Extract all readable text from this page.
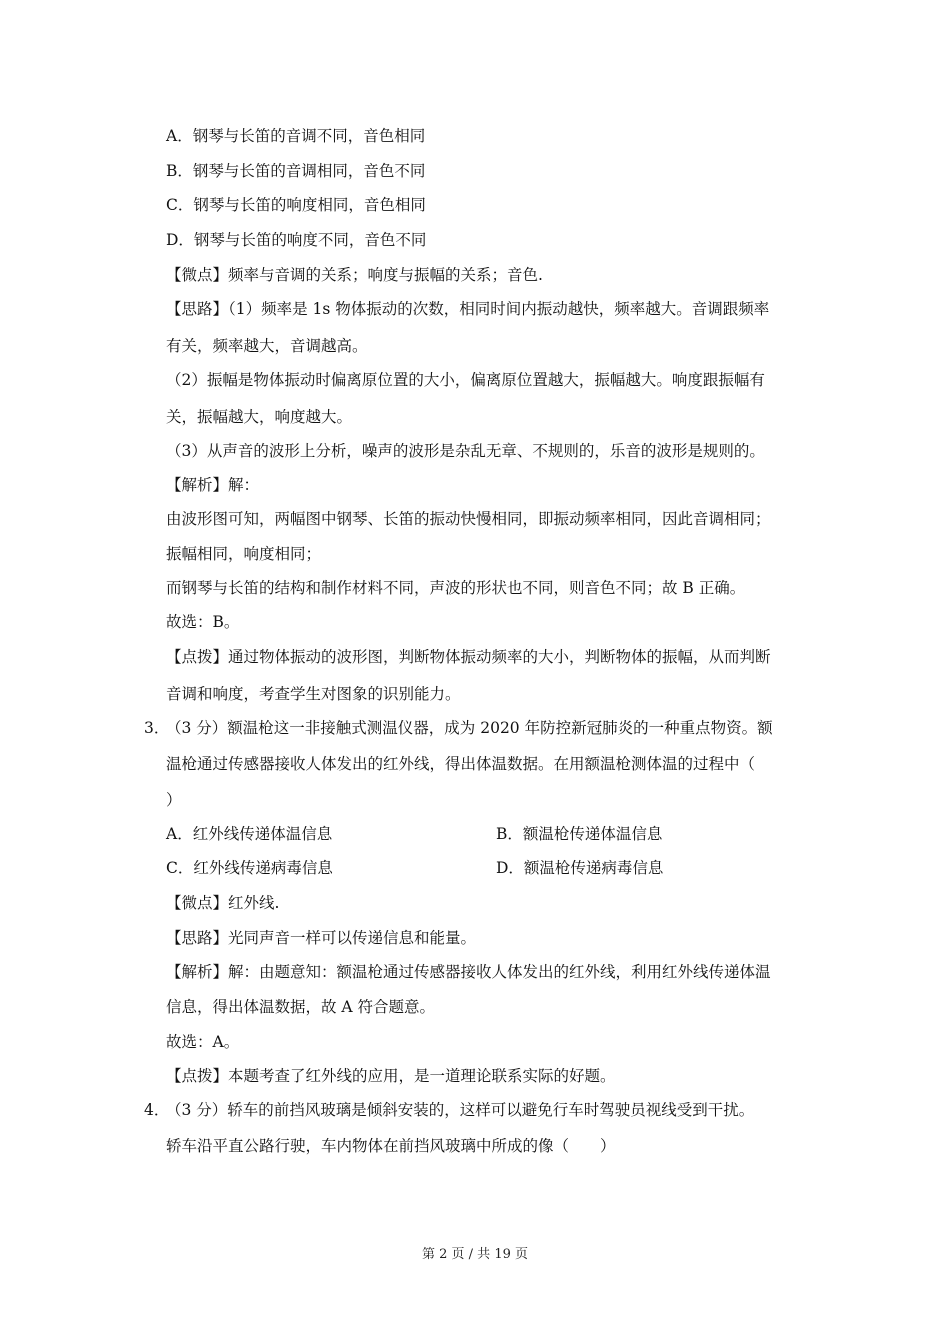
A．钢琴与长笛的音调不同，音色相同
B．钢琴与长笛的音调相同，音色不同
C．钢琴与长笛的响度相同，音色相同
D．钢琴与长笛的响度不同，音色不同
【微点】频率与音调的关系；响度与振幅的关系；音色.
【思路】（1）频率是 1s 物体振动的次数，相同时间内振动越快，频率越大。音调跟频率
有关，频率越大，音调越高。
（2）振幅是物体振动时偏离原位置的大小，偏离原位置越大，振幅越大。响度跟振幅有
关，振幅越大，响度越大。
（3）从声音的波形上分析，噪声的波形是杂乱无章、不规则的，乐音的波形是规则的。
【解析】解：
由波形图可知，两幅图中钢琴、长笛的振动快慢相同，即振动频率相同，因此音调相同；
振幅相同，响度相同；
而钢琴与长笛的结构和制作材料不同，声波的形状也不同，则音色不同；故 B 正确。
故选：B。
【点拨】通过物体振动的波形图，判断物体振动频率的大小，判断物体的振幅，从而判断
音调和响度，考查学生对图象的识别能力。
3．
（3 分）额温枪这一非接触式测温仪器，成为 2020 年防控新冠肺炎的一种重点物资。额
温枪通过传感器接收人体发出的红外线，得出体温数据。在用额温枪测体温的过程中（
）
A．红外线传递体温信息	B．额温枪传递体温信息
C．红外线传递病毒信息	D．额温枪传递病毒信息
【微点】红外线.
【思路】光同声音一样可以传递信息和能量。
【解析】解：由题意知：额温枪通过传感器接收人体发出的红外线，利用红外线传递体温
信息，得出体温数据，故 A 符合题意。
故选：A。
【点拨】本题考查了红外线的应用，是一道理论联系实际的好题。
4．
（3 分）轿车的前挡风玻璃是倾斜安装的，这样可以避免行车时驾驶员视线受到干扰。
轿车沿平直公路行驶，车内物体在前挡风玻璃中所成的像（　　）
第 2 页 / 共 19 页
